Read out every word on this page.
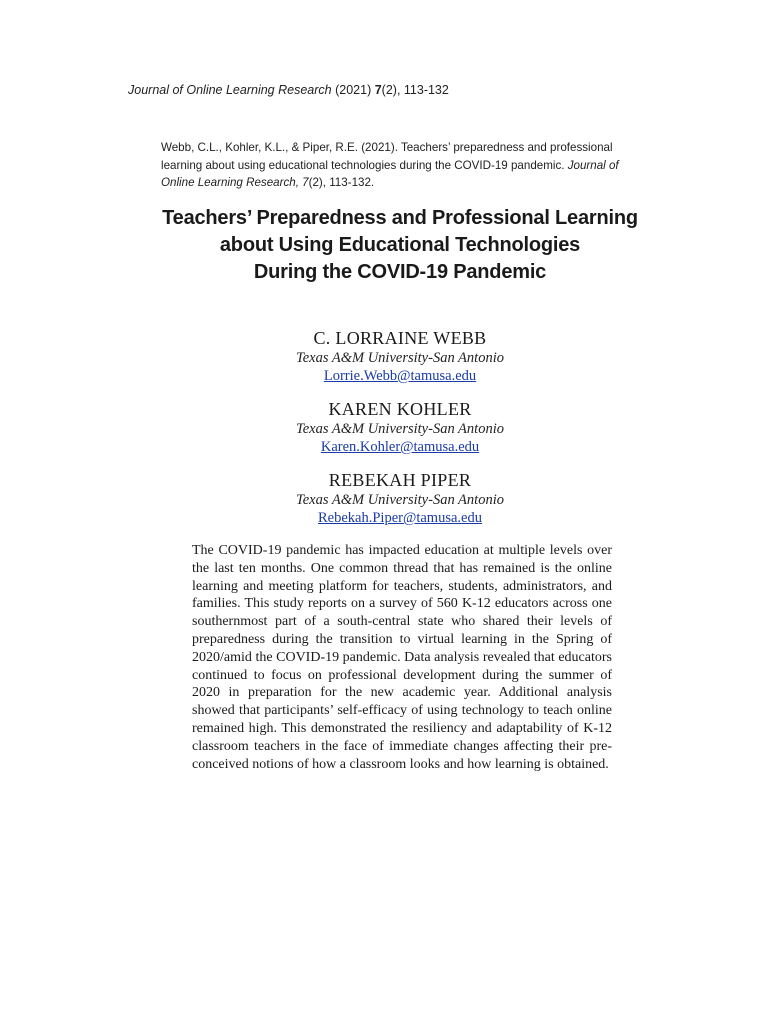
Journal of Online Learning Research (2021) 7(2), 113-132
Webb, C.L., Kohler, K.L., & Piper, R.E. (2021). Teachers’ preparedness and professional learning about using educational technologies during the COVID-19 pandemic. Journal of Online Learning Research, 7(2), 113-132.
Teachers’ Preparedness and Professional Learning
about Using Educational Technologies
During the COVID-19 Pandemic
C. LORRAINE WEBB
Texas A&M University-San Antonio
Lorrie.Webb@tamusa.edu
KAREN KOHLER
Texas A&M University-San Antonio
Karen.Kohler@tamusa.edu
REBEKAH PIPER
Texas A&M University-San Antonio
Rebekah.Piper@tamusa.edu
The COVID-19 pandemic has impacted education at multiple levels over the last ten months. One common thread that has remained is the online learning and meeting platform for teachers, students, administrators, and families. This study reports on a survey of 560 K-12 educators across one southernmost part of a south-central state who shared their levels of preparedness during the transition to virtual learning in the Spring of 2020/amid the COVID-19 pandemic. Data analysis revealed that educators continued to focus on professional development during the summer of 2020 in preparation for the new academic year. Additional analysis showed that participants’ self-efficacy of using technology to teach online remained high. This demonstrated the resiliency and adaptability of K-12 classroom teachers in the face of immediate changes affecting their pre-conceived notions of how a classroom looks and how learning is obtained.
